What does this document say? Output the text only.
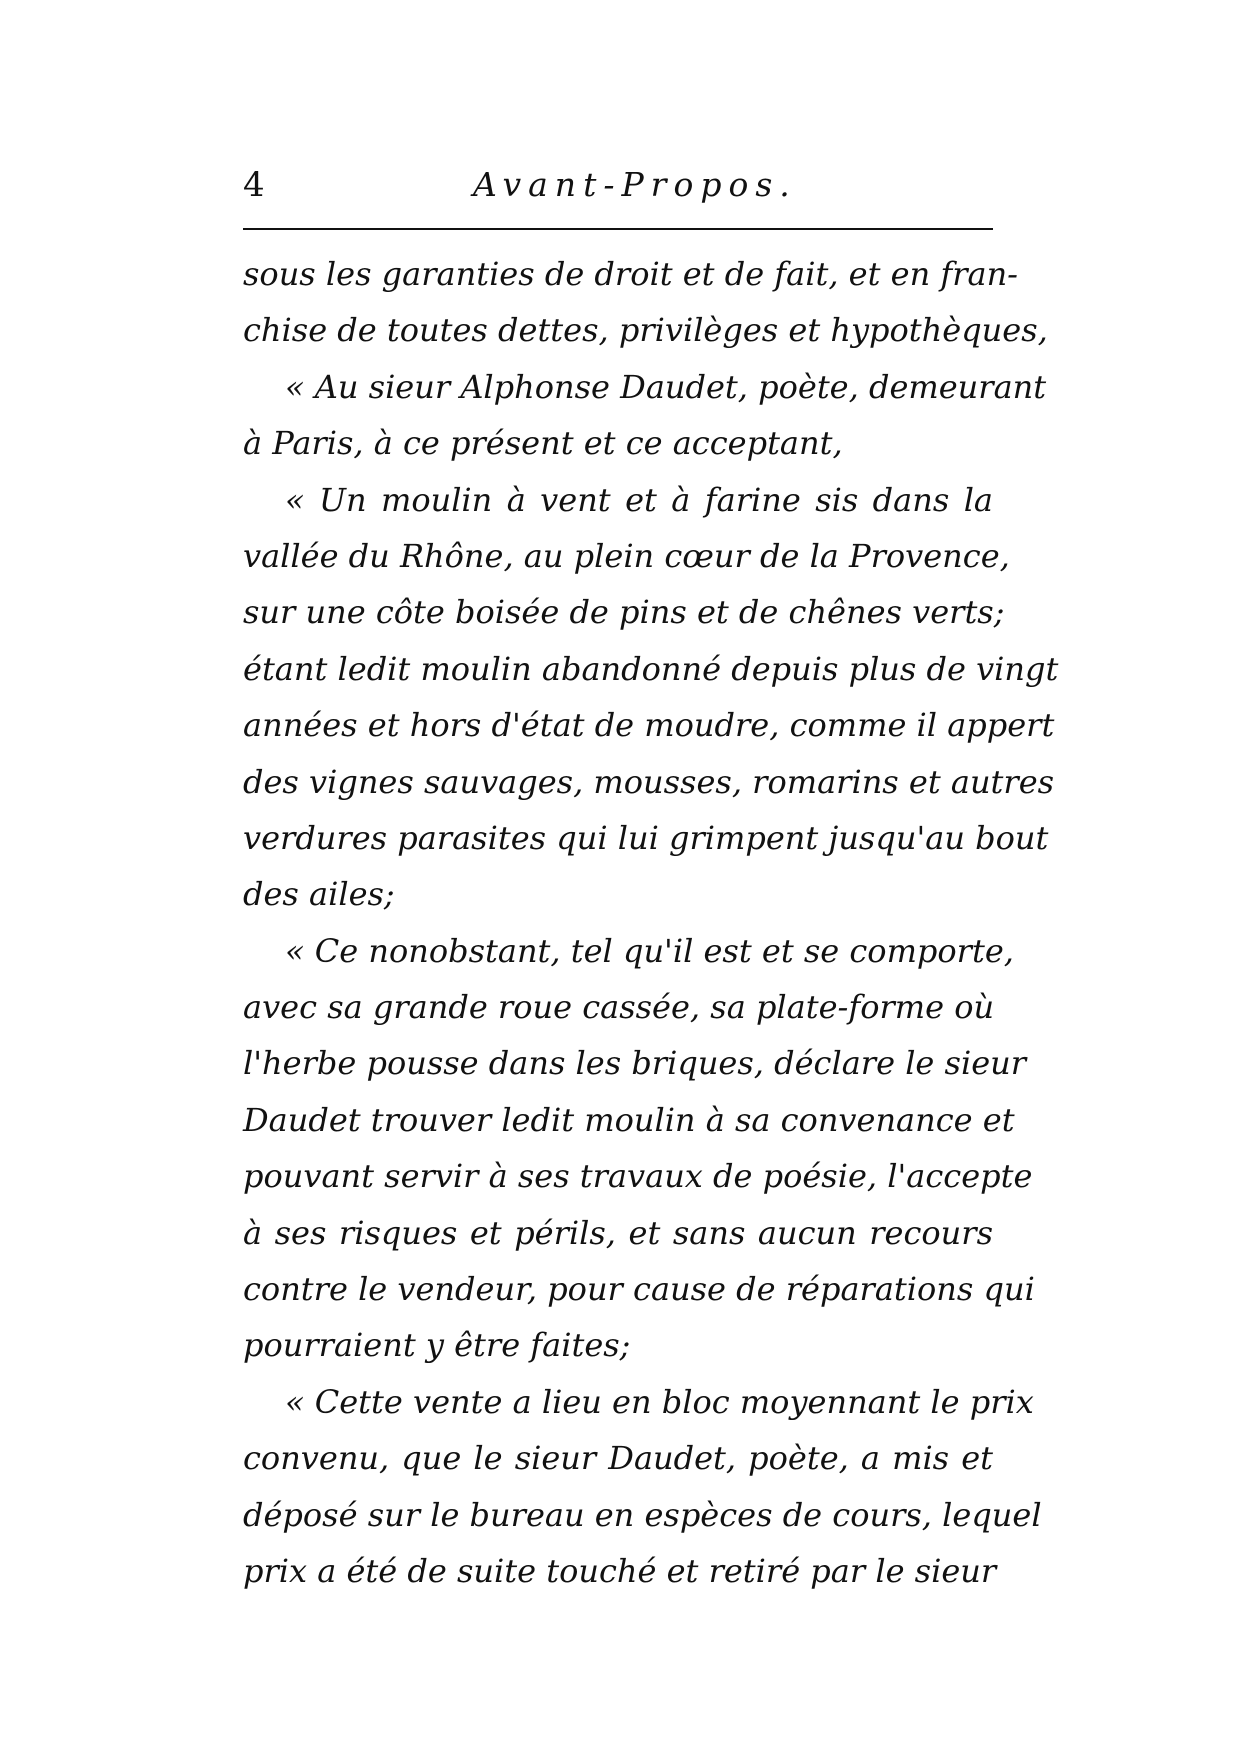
4	Avant-Propos.
sous les garanties de droit et de fait, et en fran-
chise de toutes dettes, privilèges et hypothèques,
« Au sieur Alphonse Daudet, poète, demeurant
à Paris, à ce présent et ce acceptant,
« Un moulin à vent et à farine sis dans la
vallée du Rhône, au plein cœur de la Provence,
sur une côte boisée de pins et de chênes verts;
étant ledit moulin abandonné depuis plus de vingt
années et hors d'état de moudre, comme il appert
des vignes sauvages, mousses, romarins et autres
verdures parasites qui lui grimpent jusqu'au bout
des ailes;
« Ce nonobstant, tel qu'il est et se comporte,
avec sa grande roue cassée, sa plate-forme où
l'herbe pousse dans les briques, déclare le sieur
Daudet trouver ledit moulin à sa convenance et
pouvant servir à ses travaux de poésie, l'accepte
à ses risques et périls, et sans aucun recours
contre le vendeur, pour cause de réparations qui
pourraient y être faites;
« Cette vente a lieu en bloc moyennant le prix
convenu, que le sieur Daudet, poète, a mis et
déposé sur le bureau en espèces de cours, lequel
prix a été de suite touché et retiré par le sieur
